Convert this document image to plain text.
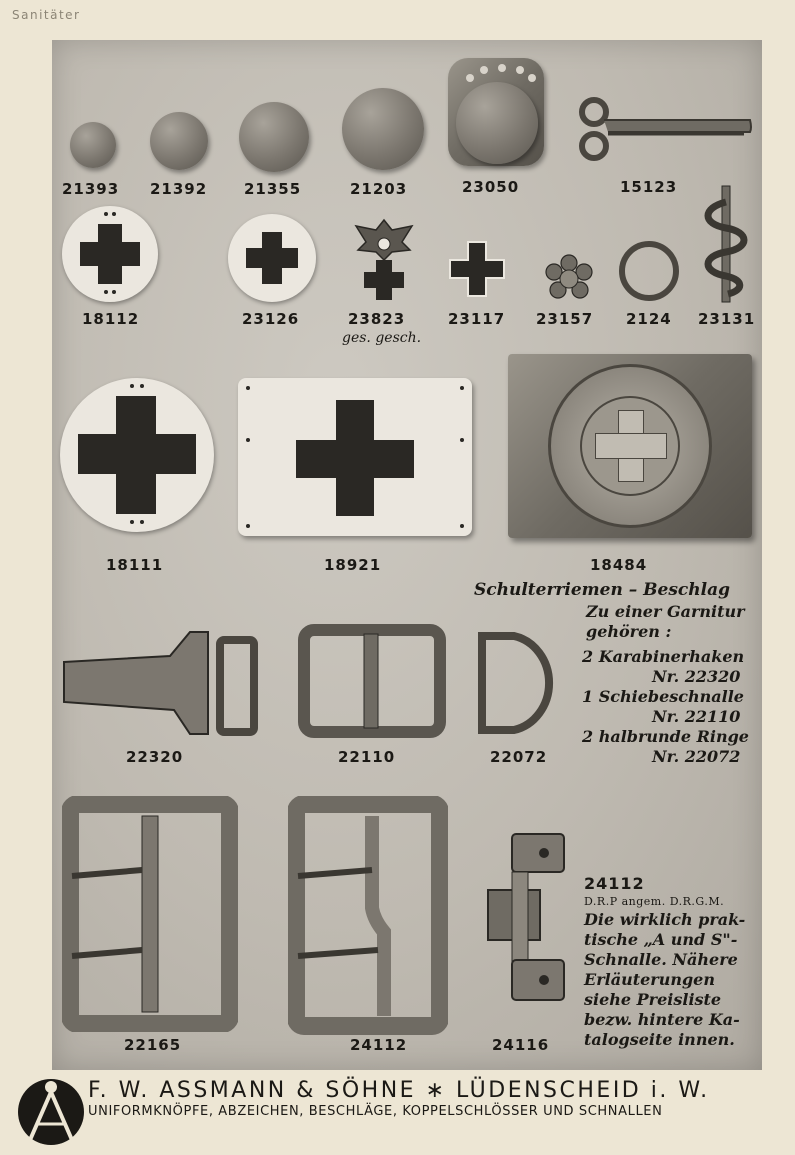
Sanitäter
21393 21392 21355	21203	23050	15123
18112	23126	23823
ges. gesch.
23117 23157 2124 23131
18111	18921	18484
Schulterriemen – Beschlag
Zu einer Garnitur
gehören :
2 Karabinerhaken
Nr. 22320
1 Schiebeschnalle
Nr. 22110
2 halbrunde Ringe
Nr. 22072
22320	22110	22072
22165	24112	24116
24112
D.R.P angem. D.R.G.M.
Die wirklich prak-
tische „A und S"-
Schnalle. Nähere
Erläuterungen
siehe Preisliste
bezw. hintere Ka-
talogseite innen.
F. W. ASSMANN & SÖHNE ∗ LÜDENSCHEID i. W.
UNIFORMKNÖPFE, ABZEICHEN, BESCHLÄGE, KOPPELSCHLÖSSER UND SCHNALLEN
